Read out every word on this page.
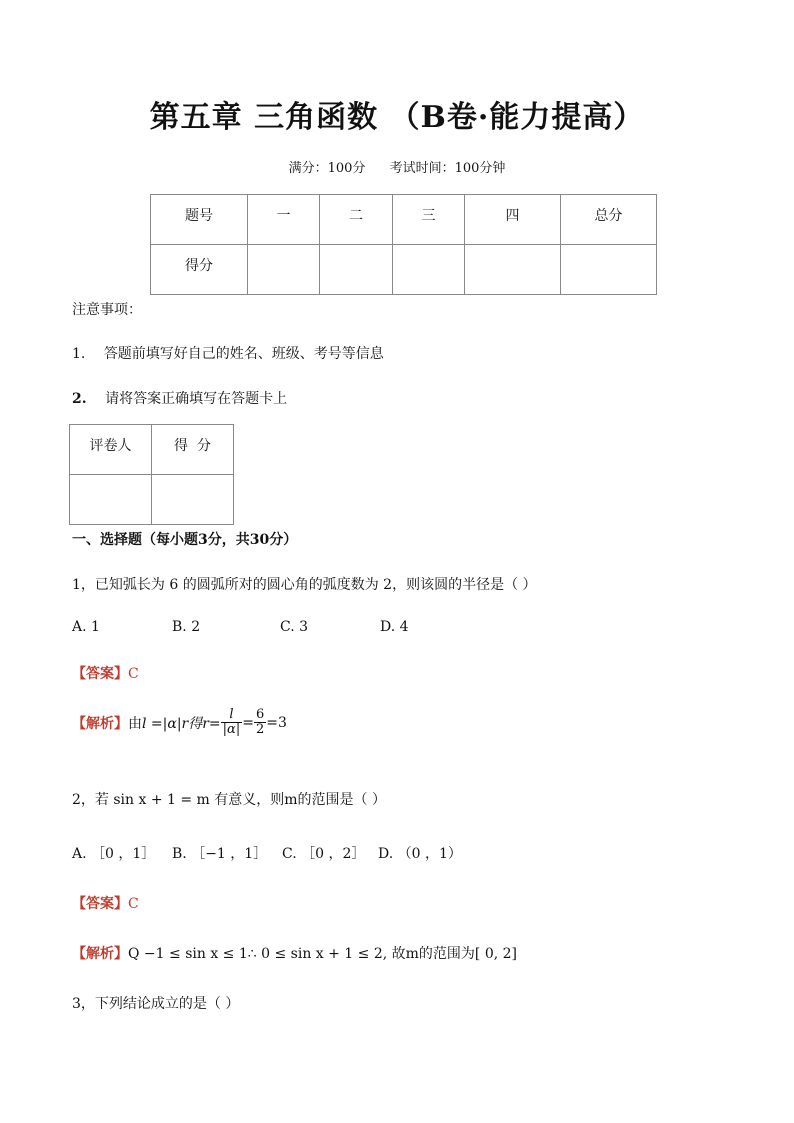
第五章 三角函数 （B卷·能力提高）
满分：100分 考试时间：100分钟
题号	一	二	三	四	总分
得分					
注意事项：
1. 答题前填写好自己的姓名、班级、考号等信息
2. 请将答案正确填写在答题卡上
评卷人	得  分

一、选择题（每小题3分，共30分）
1，已知弧长为 6 的圆弧所对的圆心角的弧度数为 2，则该圆的半径是（ ）
A. 1	B. 2	C. 3	D. 4
【答案】C
【解析】由l =|α|r得$r= \frac{l}{|\alpha|} = \frac{6}{2} =3$
2，若 sin x + 1 = m 有意义，则m的范围是（ ）
A. ［0 ，1］ B. ［−1 ，1］ C. ［0 ，2］ D. （0 ，1）
【答案】C
【解析】Q −1 ≤ sin x ≤ 1∴ 0 ≤ sin x + 1 ≤ 2, 故m的范围为[ 0, 2]
3，下列结论成立的是（ ）
